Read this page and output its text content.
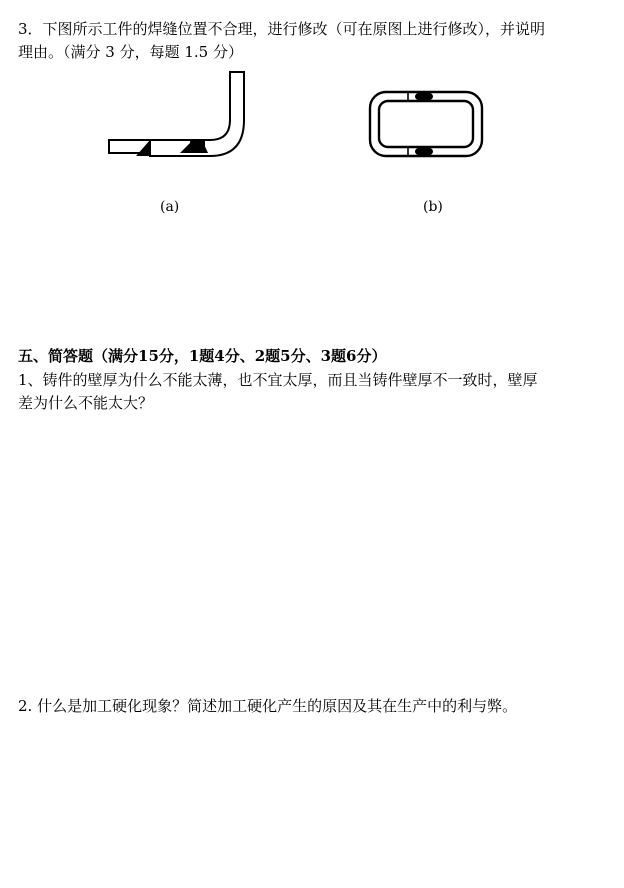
3．下图所示工件的焊缝位置不合理，进行修改（可在原图上进行修改），并说明
理由。（满分 3 分，每题 1.5 分）
(a)	(b)
五、简答题（满分15分，1题4分、2题5分、3题6分）
1、铸件的壁厚为什么不能太薄，也不宜太厚，而且当铸件壁厚不一致时，壁厚
差为什么不能太大？
2. 什么是加工硬化现象？简述加工硬化产生的原因及其在生产中的利与弊。
